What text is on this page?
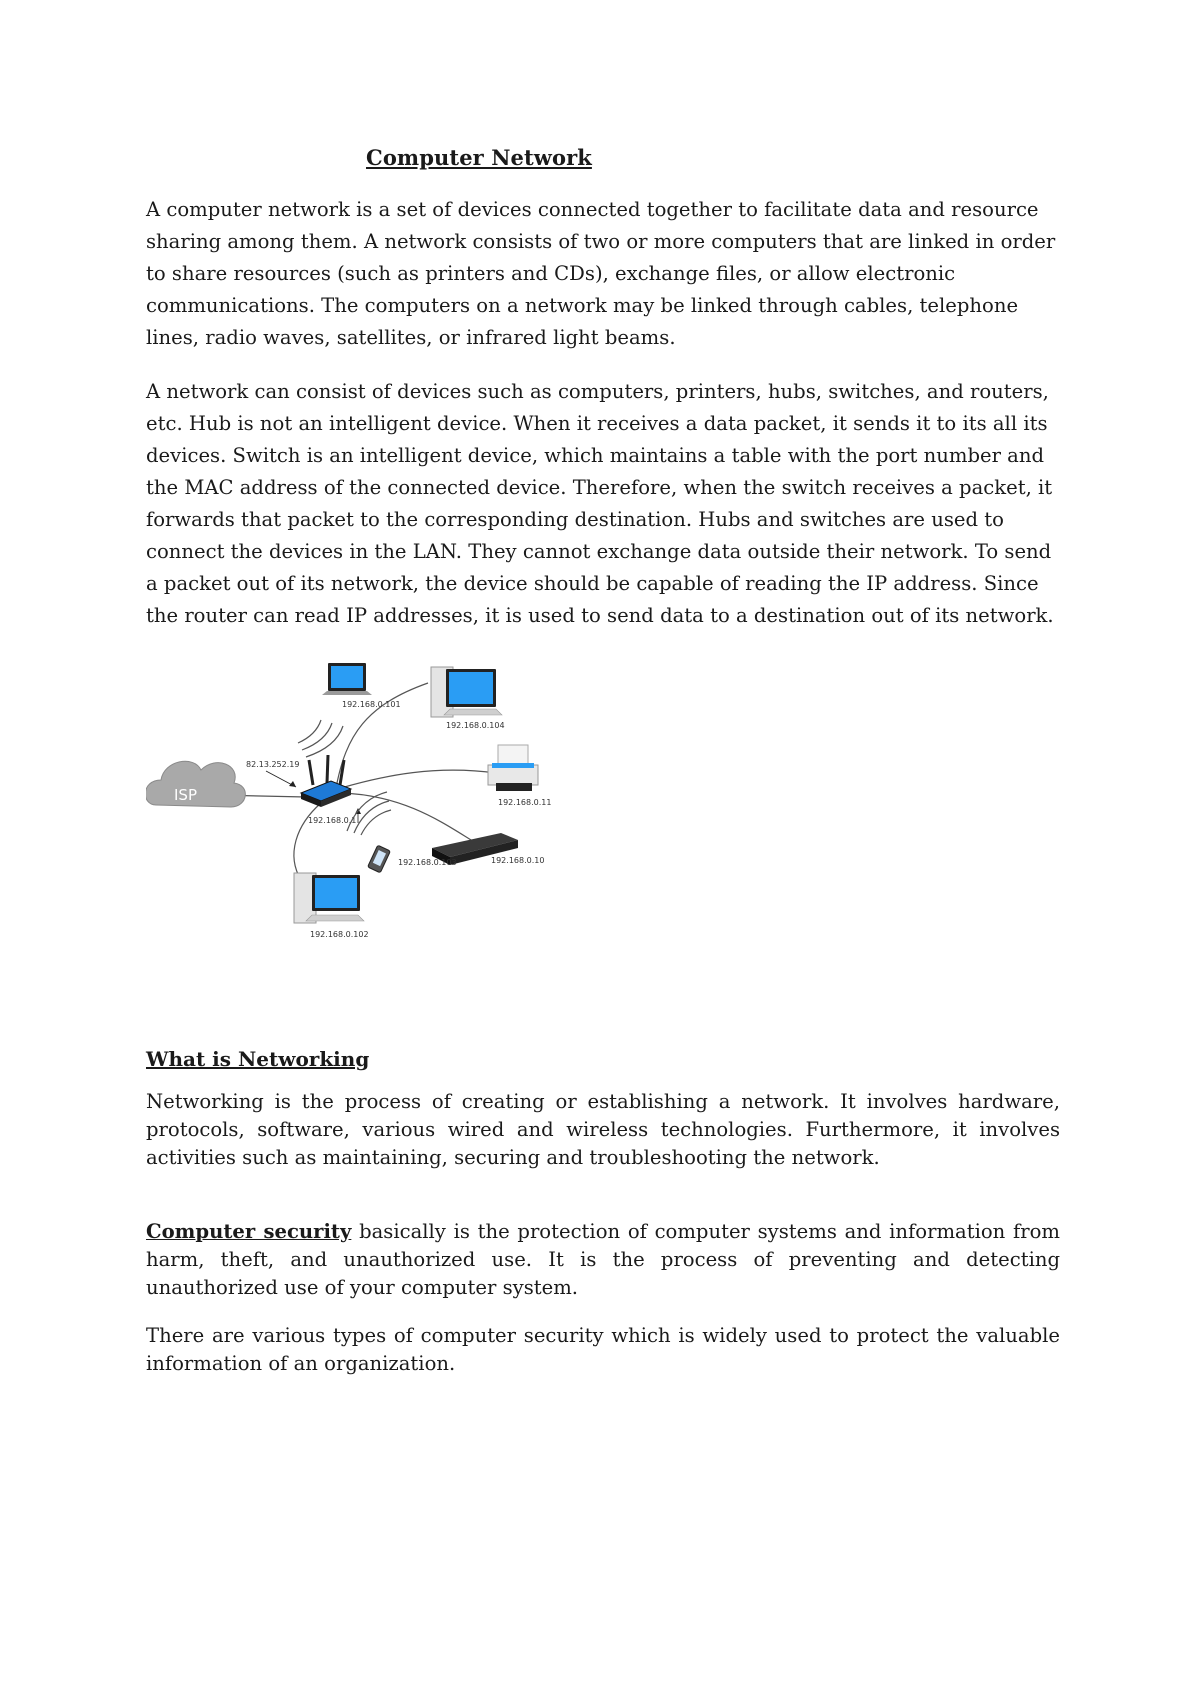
Computer Network

A computer network is a set of devices connected together to facilitate data and resource sharing among them. A network consists of two or more computers that are linked in order to share resources (such as printers and CDs), exchange files, or allow electronic communications. The computers on a network may be linked through cables, telephone lines, radio waves, satellites, or infrared light beams.

A network can consist of devices such as computers, printers, hubs, switches, and routers, etc. Hub is not an intelligent device. When it receives a data packet, it sends it to its all its devices. Switch is an intelligent device, which maintains a table with the port number and the MAC address of the connected device. Therefore, when the switch receives a packet, it forwards that packet to the corresponding destination. Hubs and switches are used to connect the devices in the LAN. They cannot exchange data outside their network. To send a packet out of its network, the device should be capable of reading the IP address. Since the router can read IP addresses, it is used to send data to a destination out of its network.

ISP
82.13.252.19
192.168.0.1
192.168.0.101
192.168.0.104
192.168.0.11
192.168.0.10
192.168.0.103
192.168.0.102
What is Networking

Networking is the process of creating or establishing a network. It involves hardware, protocols, software, various wired and wireless technologies. Furthermore, it involves activities such as maintaining, securing and troubleshooting the network.

Computer security basically is the protection of computer systems and information from harm, theft, and unauthorized use. It is the process of preventing and detecting unauthorized use of your computer system.

There are various types of computer security which is widely used to protect the valuable information of an organization.
